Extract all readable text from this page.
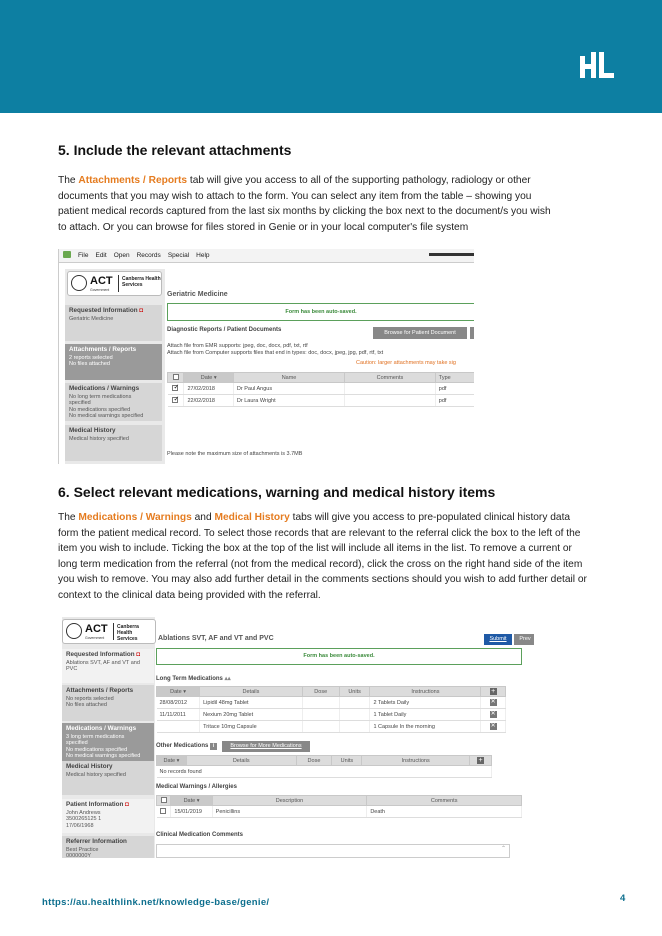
5. Include the relevant attachments
The Attachments / Reports tab will give you access to all of the supporting pathology, radiology or other documents that you may wish to attach to the form. You can select any item from the table – showing you patient medical records captured from the last six months by clicking the box next to the document/s you wish to attach. Or you can browse for files stored in Genie or in your local computer's file system
File Edit Open Records Special Help
ACT
Government
Canberra Health
Services
Geriatric Medicine
Requested Information ◘
Geriatric Medicine
Attachments / Reports
2 reports selected
No files attached
Medications / Warnings
No long term medications
specified
No medications specified
No medical warnings specified
Medical History
Medical history specified
Form has been auto-saved.
Diagnostic Reports / Patient Documents	Browse for Patient Document
Attach file from EMR supports: jpeg, doc, docx, pdf, txt, rtf
Attach file from Computer supports files that end in types: doc, docx, jpeg, jpg, pdf, rtf, txt
Caution: larger attachments may take sig
	Date ▾	Name	Comments	Type
✓	27/02/2018	Dr Paul Angus		pdf
✓	22/02/2018	Dr Laura Wright		pdf
Please note the maximum size of attachments is 3.7MB
6. Select relevant medications, warning and medical history items
The Medications / Warnings and Medical History tabs will give you access to pre-populated clinical history data form the patient medical record. To select those records that are relevant to the referral click the box to the left of the item you wish to include. Ticking the box at the top of the list will include all items in the list. To remove a current or long term medication from the referral (not from the medical record), click the cross on the right hand side of the item you wish to remove. You may also add further detail in the comments sections should you wish to add further detail or context to the clinical data being provided with the referral.
ACT
Government
Canberra Health
Services	Ablations SVT, AF and VT and PVC	Submit	Prev
Requested Information ◘
Ablations SVT, AF and VT and
PVC
Attachments / Reports
No reports selected
No files attached
Medications / Warnings
3 long term medications
specified
No medications specified
No medical warnings specified
Medical History
Medical history specified
Patient Information ◘
John Andrews
3500265125 1
17/06/1968
Referrer Information
Best Practice
0000000Y
Form has been auto-saved.
Long Term Medications ▴▴
Date ▾	Details	Dose	Units	Instructions	+
28/08/2012	Lipidil 48mg Tablet			2 Tablets Daily	✕
11/11/2011	Nexium 20mg Tablet			1 Tablet Daily	✕
	Tritace 10mg Capsule			1 Capsule In the morning	✕
Other Medications i	Browse for More Medications
Date ▾	Details	Dose	Units	Instructions	+
No records found
Medical Warnings / Allergies
	Date ▾	Description	Comments
	15/01/2019	Penicillins	Death
Clinical Medication Comments
⌃
https://au.healthlink.net/knowledge-base/genie/	4
